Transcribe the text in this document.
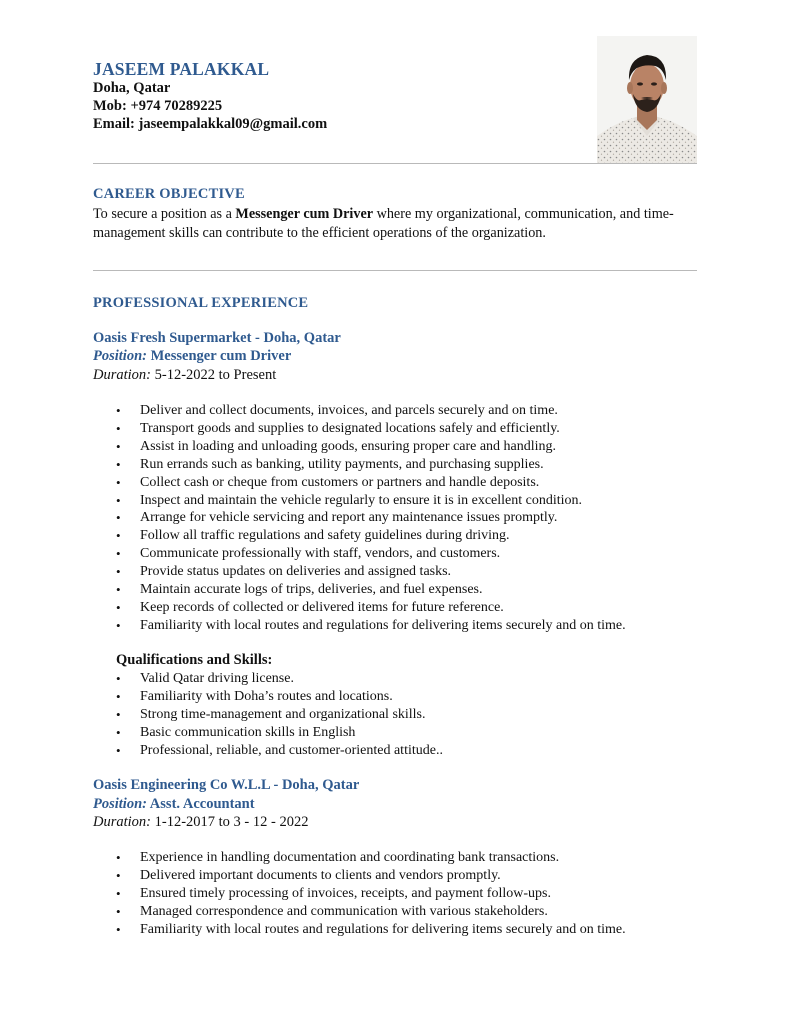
JASEEM PALAKKAL
Doha, Qatar
Mob: +974 70289225
Email: jaseempalakkal09@gmail.com
CAREER OBJECTIVE
To secure a position as a Messenger cum Driver where my organizational, communication, and time-management skills can contribute to the efficient operations of the organization.
PROFESSIONAL EXPERIENCE
Oasis Fresh Supermarket - Doha, Qatar
Position: Messenger cum Driver
Duration: 5-12-2022 to Present
• Deliver and collect documents, invoices, and parcels securely and on time.
• Transport goods and supplies to designated locations safely and efficiently.
• Assist in loading and unloading goods, ensuring proper care and handling.
• Run errands such as banking, utility payments, and purchasing supplies.
• Collect cash or cheque from customers or partners and handle deposits.
• Inspect and maintain the vehicle regularly to ensure it is in excellent condition.
• Arrange for vehicle servicing and report any maintenance issues promptly.
• Follow all traffic regulations and safety guidelines during driving.
• Communicate professionally with staff, vendors, and customers.
• Provide status updates on deliveries and assigned tasks.
• Maintain accurate logs of trips, deliveries, and fuel expenses.
• Keep records of collected or delivered items for future reference.
• Familiarity with local routes and regulations for delivering items securely and on time.
Qualifications and Skills:
• Valid Qatar driving license.
• Familiarity with Doha’s routes and locations.
• Strong time-management and organizational skills.
• Basic communication skills in English
• Professional, reliable, and customer-oriented attitude..
Oasis Engineering Co W.L.L - Doha, Qatar
Position: Asst. Accountant
Duration: 1-12-2017 to 3 - 12 - 2022
• Experience in handling documentation and coordinating bank transactions.
• Delivered important documents to clients and vendors promptly.
• Ensured timely processing of invoices, receipts, and payment follow-ups.
• Managed correspondence and communication with various stakeholders.
• Familiarity with local routes and regulations for delivering items securely and on time.
